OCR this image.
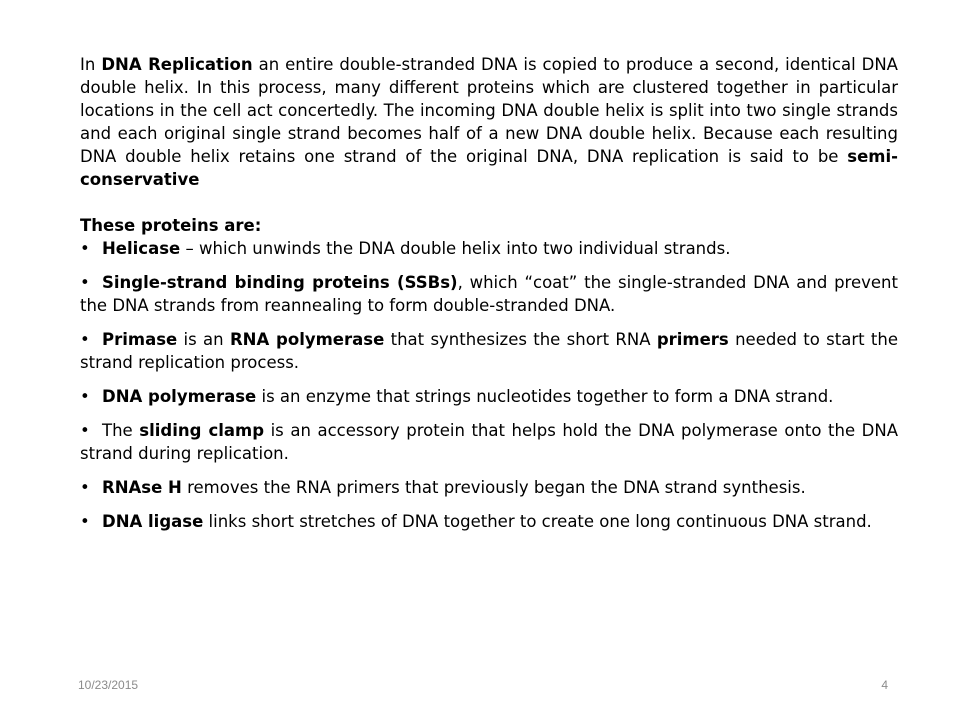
In DNA Replication an entire double-stranded DNA is copied to produce a second, identical DNA double helix. In this process, many different proteins which are clustered together in particular locations in the cell act concertedly. The incoming DNA double helix is split into two single strands and each original single strand becomes half of a new DNA double helix. Because each resulting DNA double helix retains one strand of the original DNA, DNA replication is said to be semi-conservative

These proteins are:

• Helicase – which unwinds the DNA double helix into two individual strands.
• Single-strand binding proteins (SSBs), which “coat” the single-stranded DNA and prevent the DNA strands from reannealing to form double-stranded DNA.
• Primase is an RNA polymerase that synthesizes the short RNA primers needed to start the strand replication process.
• DNA polymerase is an enzyme that strings nucleotides together to form a DNA strand.
• The sliding clamp is an accessory protein that helps hold the DNA polymerase onto the DNA strand during replication.
• RNAse H removes the RNA primers that previously began the DNA strand synthesis.
• DNA ligase links short stretches of DNA together to create one long continuous DNA strand.
10/23/2015	4
